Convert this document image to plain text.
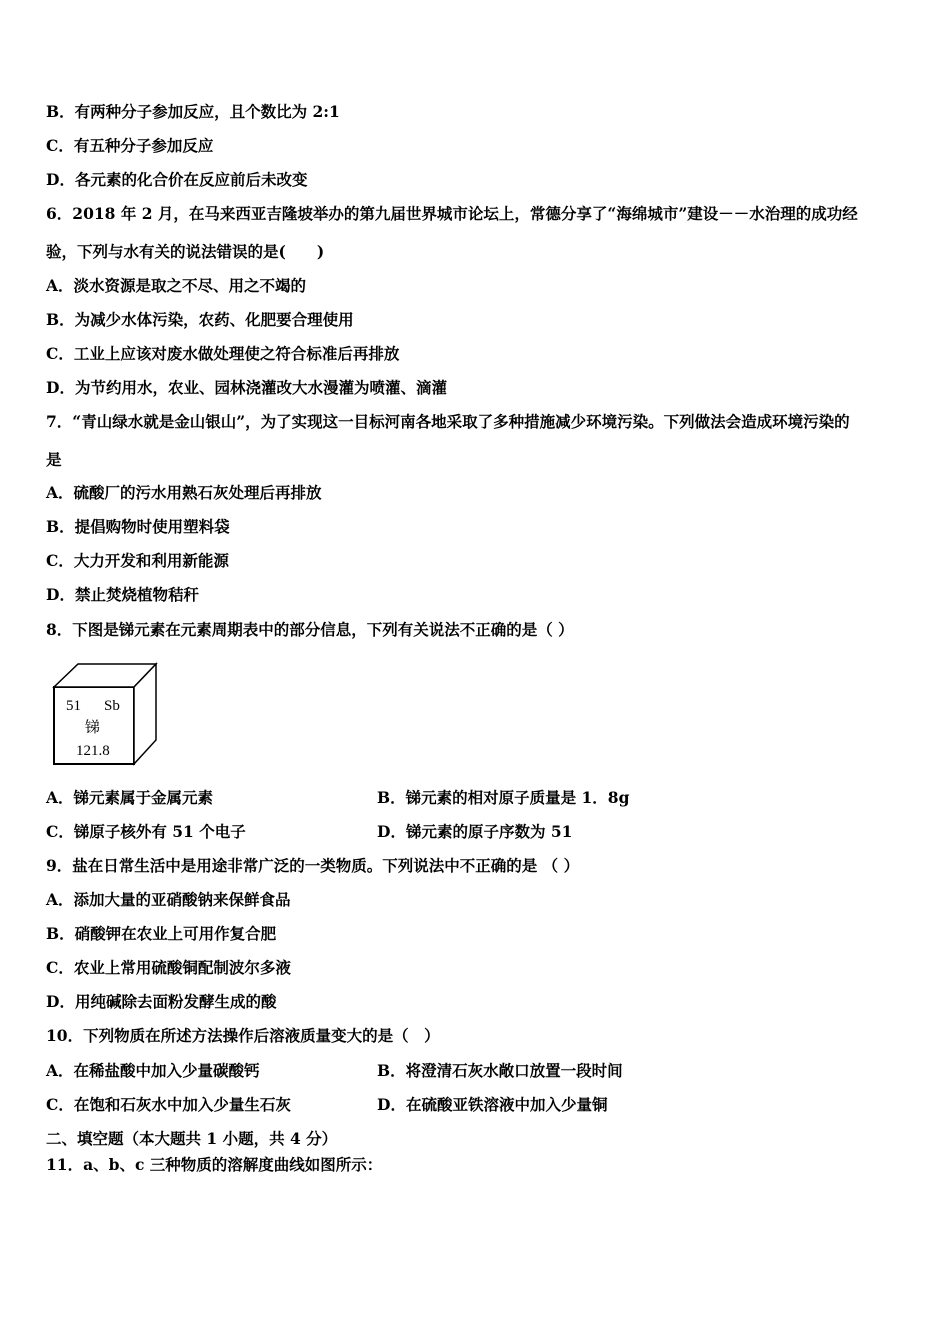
B．有两种分子参加反应，且个数比为 2:1
C．有五种分子参加反应
D．各元素的化合价在反应前后未改变
6．2018 年 2 月，在马来西亚吉隆坡举办的第九届世界城市论坛上，常德分享了“海绵城市”建设－－水治理的成功经
验，下列与水有关的说法错误的是(　　)
A．淡水资源是取之不尽、用之不竭的
B．为减少水体污染，农药、化肥要合理使用
C．工业上应该对废水做处理使之符合标准后再排放
D．为节约用水，农业、园林浇灌改大水漫灌为喷灌、滴灌
7．“青山绿水就是金山银山”，为了实现这一目标河南各地采取了多种措施减少环境污染。下列做法会造成环境污染的
是
A．硫酸厂的污水用熟石灰处理后再排放
B．提倡购物时使用塑料袋
C．大力开发和利用新能源
D．禁止焚烧植物秸秆
8．下图是锑元素在元素周期表中的部分信息，下列有关说法不正确的是（ ）
51 Sb
锑
121.8
A．锑元素属于金属元素	B．锑元素的相对原子质量是 1．8g
C．锑原子核外有 51 个电子	D．锑元素的原子序数为 51
9．盐在日常生活中是用途非常广泛的一类物质。下列说法中不正确的是 （ ）
A．添加大量的亚硝酸钠来保鲜食品
B．硝酸钾在农业上可用作复合肥
C．农业上常用硫酸铜配制波尔多液
D．用纯碱除去面粉发酵生成的酸
10．下列物质在所述方法操作后溶液质量变大的是（　）
A．在稀盐酸中加入少量碳酸钙	B．将澄清石灰水敞口放置一段时间
C．在饱和石灰水中加入少量生石灰	D．在硫酸亚铁溶液中加入少量铜
二、填空题（本大题共 1 小题，共 4 分）
11．a、b、c 三种物质的溶解度曲线如图所示：
